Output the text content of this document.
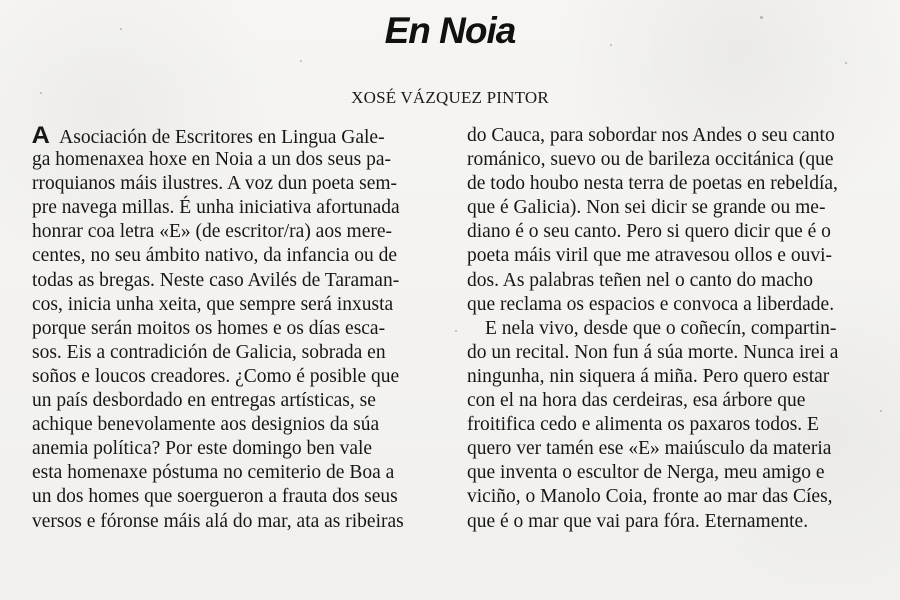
En Noia

XOSÉ VÁZQUEZ PINTOR

A Asociación de Escritores en Lingua Gale-
ga homenaxea hoxe en Noia a un dos seus pa-
rroquianos máis ilustres. A voz dun poeta sem-
pre navega millas. É unha iniciativa afortunada
honrar coa letra «E» (de escritor/ra) aos mere-
centes, no seu ámbito nativo, da infancia ou de
todas as bregas. Neste caso Avilés de Taraman-
cos, inicia unha xeita, que sempre será inxusta
porque serán moitos os homes e os días esca-
sos. Eis a contradición de Galicia, sobrada en
soños e loucos creadores. ¿Como é posible que
un país desbordado en entregas artísticas, se
achique benevolamente aos designios da súa
anemia política? Por este domingo ben vale
esta homenaxe póstuma no cemiterio de Boa a
un dos homes que soergueron a frauta dos seus
versos e fóronse máis alá do mar, ata as ribeiras
do Cauca, para sobordar nos Andes o seu canto
románico, suevo ou de barileza occitánica (que
de todo houbo nesta terra de poetas en rebeldía,
que é Galicia). Non sei dicir se grande ou me-
diano é o seu canto. Pero si quero dicir que é o
poeta máis viril que me atravesou ollos e ouvi-
dos. As palabras teñen nel o canto do macho
que reclama os espacios e convoca a liberdade.
E nela vivo, desde que o coñecín, compartin-
do un recital. Non fun á súa morte. Nunca irei a
ningunha, nin siquera á miña. Pero quero estar
con el na hora das cerdeiras, esa árbore que
froitifica cedo e alimenta os paxaros todos. E
quero ver tamén ese «E» maiúsculo da materia
que inventa o escultor de Nerga, meu amigo e
viciño, o Manolo Coia, fronte ao mar das Cíes,
que é o mar que vai para fóra. Eternamente.
